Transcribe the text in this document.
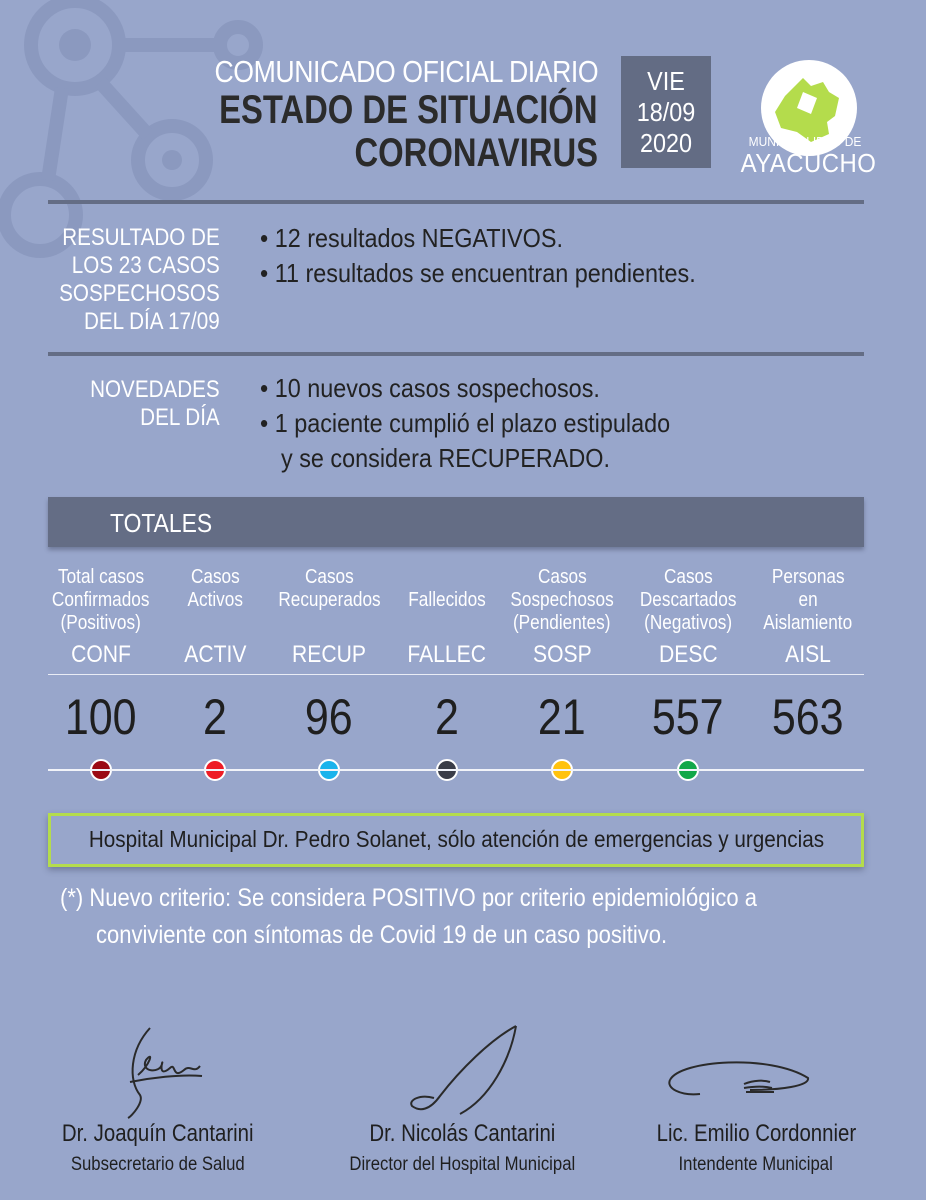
COMUNICADO OFICIAL DIARIO
ESTADO DE SITUACIÓN
CORONAVIRUS
VIE
18/09
2020	MUNICIPALIDAD DE
AYACUCHO
RESULTADO DE
LOS 23 CASOS
SOSPECHOSOS
DEL DÍA 17/09
• 12 resultados NEGATIVOS.
• 11 resultados se encuentran pendientes.
NOVEDADES
DEL DÍA
• 10 nuevos casos sospechosos.
• 1 paciente cumplió el plazo estipulado
y se considera RECUPERADO.
TOTALES
Total casos
Confirmados
(Positivos)
CONF
100
Casos
Activos
ACTIV
2
Casos
Recuperados
RECUP
96
Fallecidos
FALLEC
2
Casos
Sospechosos
(Pendientes)
SOSP
21
Casos
Descartados
(Negativos)
DESC
557
Personas
en
Aislamiento
AISL
563
Hospital Municipal Dr. Pedro Solanet, sólo atención de emergencias y urgencias
(*) Nuevo criterio: Se considera POSITIVO por criterio epidemiológico a
conviviente con síntomas de Covid 19 de un caso positivo.
Dr. Joaquín Cantarini
Subsecretario de Salud
Dr. Nicolás Cantarini
Director del Hospital Municipal
Lic. Emilio Cordonnier
Intendente Municipal
